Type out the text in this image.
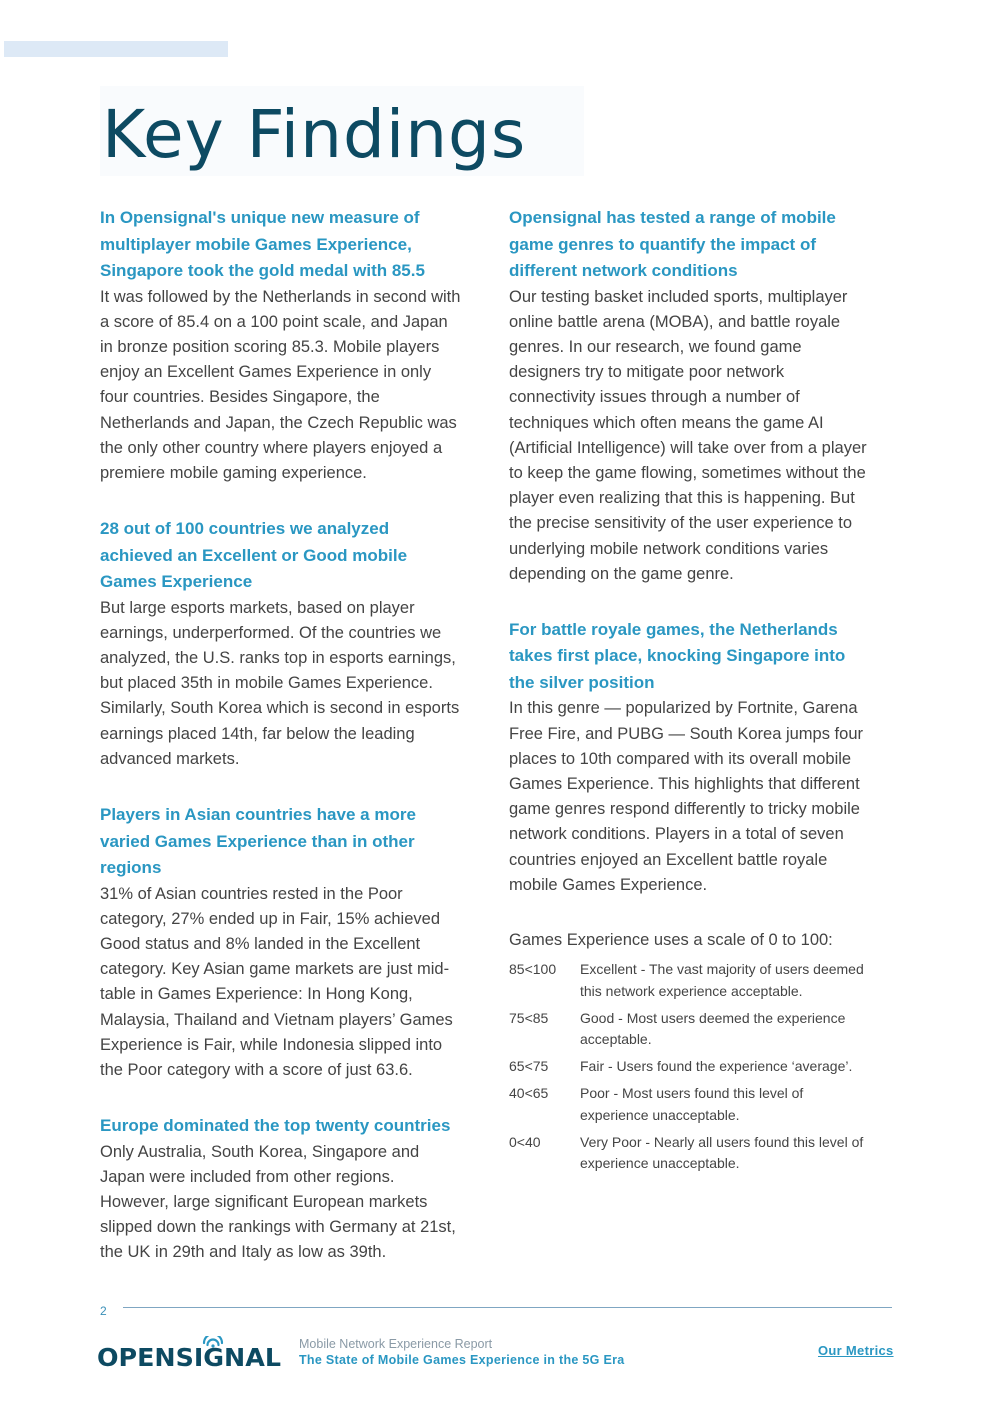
Key Findings

In Opensignal's unique new measure of multiplayer mobile Games Experience, Singapore took the gold medal with 85.5

It was followed by the Netherlands in second with a score of 85.4 on a 100 point scale, and Japan in bronze position scoring 85.3. Mobile players enjoy an Excellent Games Experience in only four countries. Besides Singapore, the Netherlands and Japan, the Czech Republic was the only other country where players enjoyed a premiere mobile gaming experience.

28 out of 100 countries we analyzed achieved an Excellent or Good mobile Games Experience

But large esports markets, based on player earnings, underperformed. Of the countries we analyzed, the U.S. ranks top in esports earnings, but placed 35th in mobile Games Experience. Similarly, South Korea which is second in esports earnings placed 14th, far below the leading advanced markets.

Players in Asian countries have a more varied Games Experience than in other regions

31% of Asian countries rested in the Poor category, 27% ended up in Fair, 15% achieved Good status and 8% landed in the Excellent category. Key Asian game markets are just mid-table in Games Experience: In Hong Kong, Malaysia, Thailand and Vietnam players’ Games Experience is Fair, while Indonesia slipped into the Poor category with a score of just 63.6.

Europe dominated the top twenty countries

Only Australia, South Korea, Singapore and Japan were included from other regions. However, large significant European markets slipped down the rankings with Germany at 21st, the UK in 29th and Italy as low as 39th.

Opensignal has tested a range of mobile game genres to quantify the impact of different network conditions

Our testing basket included sports, multiplayer online battle arena (MOBA), and battle royale genres. In our research, we found game designers try to mitigate poor network connectivity issues through a number of techniques which often means the game AI (Artificial Intelligence) will take over from a player to keep the game flowing, sometimes without the player even realizing that this is happening. But the precise sensitivity of the user experience to underlying mobile network conditions varies depending on the game genre.

For battle royale games, the Netherlands takes first place, knocking Singapore into the silver position

In this genre — popularized by Fortnite, Garena Free Fire, and PUBG — South Korea jumps four places to 10th compared with its overall mobile Games Experience. This highlights that different game genres respond differently to tricky mobile network conditions. Players in a total of seven countries enjoyed an Excellent battle royale mobile Games Experience.

Games Experience uses a scale of 0 to 100:

85<100	Excellent - The vast majority of users deemed this network experience acceptable.
75<85	Good - Most users deemed the experience acceptable.
65<75	Fair - Users found the experience ‘average’.
40<65	Poor - Most users found this level of experience unacceptable.
0<40	Very Poor - Nearly all users found this level of experience unacceptable.
2
OPENSIGNAL Mobile Network Experience Report
The State of Mobile Games Experience in the 5G Era
Our Metrics
